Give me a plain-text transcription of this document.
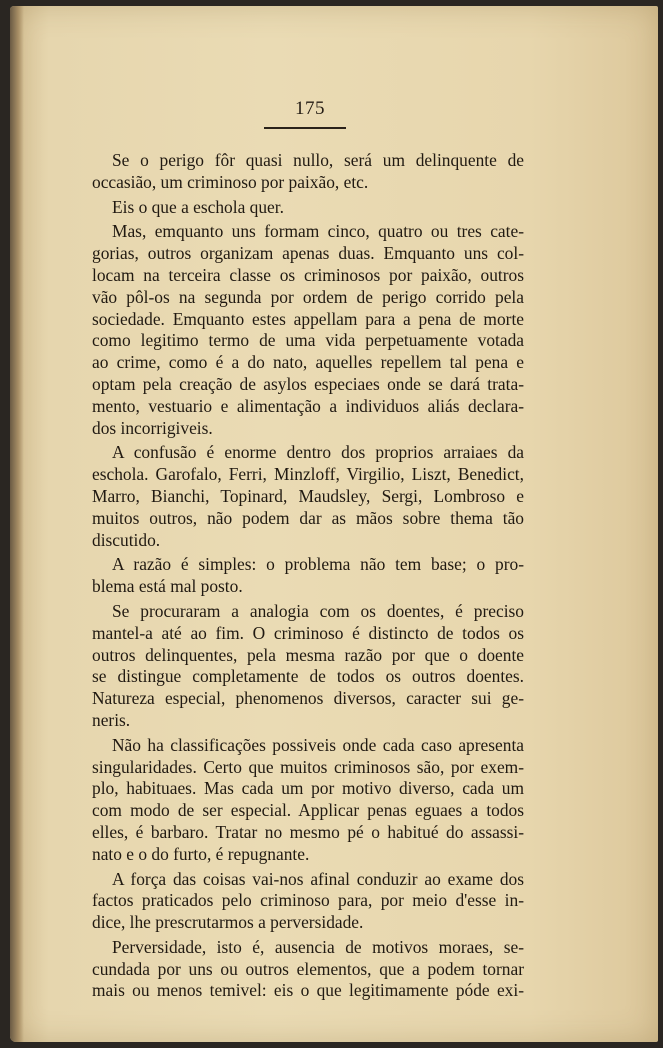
175
Se o perigo fôr quasi nullo, será um delinquente de
occasião, um criminoso por paixão, etc.
Eis o que a eschola quer.
Mas, emquanto uns formam cinco, quatro ou tres cate-
gorias, outros organizam apenas duas. Emquanto uns col-
locam na terceira classe os criminosos por paixão, outros
vão pôl-os na segunda por ordem de perigo corrido pela
sociedade. Emquanto estes appellam para a pena de morte
como legitimo termo de uma vida perpetuamente votada
ao crime, como é a do nato, aquelles repellem tal pena e
optam pela creação de asylos especiaes onde se dará trata-
mento, vestuario e alimentação a individuos aliás declara-
dos incorrigiveis.
A confusão é enorme dentro dos proprios arraiaes da
eschola. Garofalo, Ferri, Minzloff, Virgilio, Liszt, Benedict,
Marro, Bianchi, Topinard, Maudsley, Sergi, Lombroso e
muitos outros, não podem dar as mãos sobre thema tão
discutido.
A razão é simples: o problema não tem base; o pro-
blema está mal posto.
Se procuraram a analogia com os doentes, é preciso
mantel-a até ao fim. O criminoso é distincto de todos os
outros delinquentes, pela mesma razão por que o doente
se distingue completamente de todos os outros doentes.
Natureza especial, phenomenos diversos, caracter sui ge-
neris.
Não ha classificações possiveis onde cada caso apresenta
singularidades. Certo que muitos criminosos são, por exem-
plo, habituaes. Mas cada um por motivo diverso, cada um
com modo de ser especial. Applicar penas eguaes a todos
elles, é barbaro. Tratar no mesmo pé o habitué do assassi-
nato e o do furto, é repugnante.
A força das coisas vai-nos afinal conduzir ao exame dos
factos praticados pelo criminoso para, por meio d'esse in-
dice, lhe prescrutarmos a perversidade.
Perversidade, isto é, ausencia de motivos moraes, se-
cundada por uns ou outros elementos, que a podem tornar
mais ou menos temivel: eis o que legitimamente póde exi-
